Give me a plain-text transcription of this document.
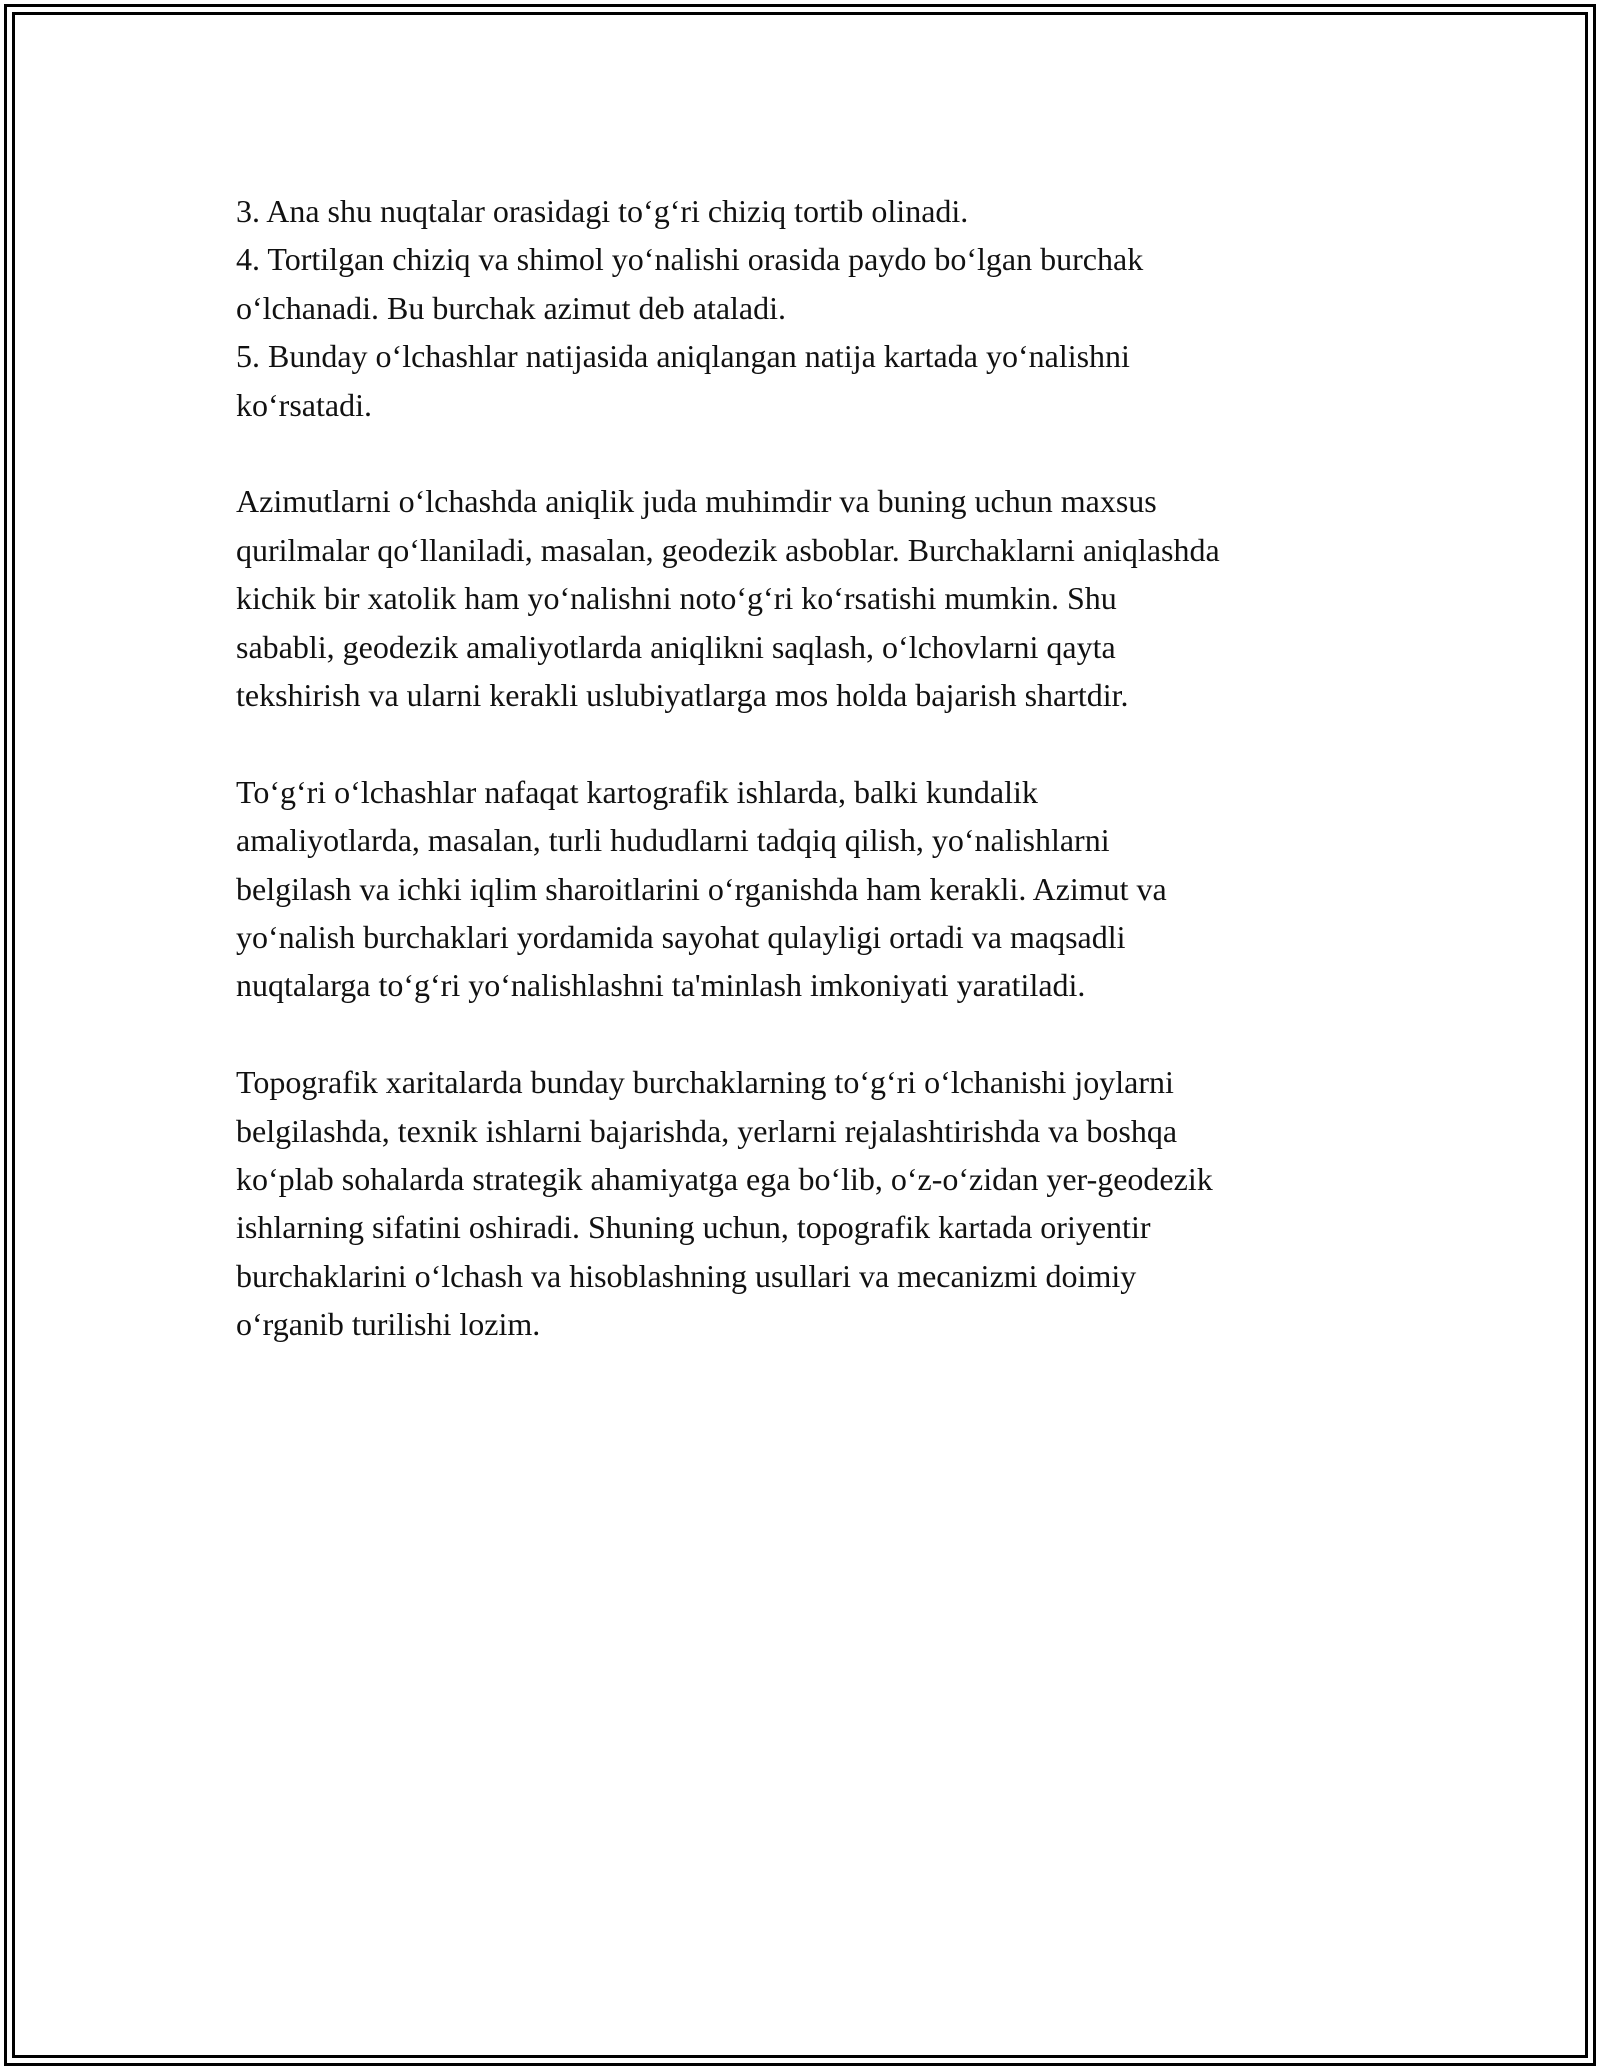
3. Ana shu nuqtalar orasidagi to‘g‘ri chiziq tortib olinadi.
4. Tortilgan chiziq va shimol yo‘nalishi orasida paydo bo‘lgan burchak
o‘lchanadi. Bu burchak azimut deb ataladi.
5. Bunday o‘lchashlar natijasida aniqlangan natija kartada yo‘nalishni
ko‘rsatadi.
Azimutlarni o‘lchashda aniqlik juda muhimdir va buning uchun maxsus
qurilmalar qo‘llaniladi, masalan, geodezik asboblar. Burchaklarni aniqlashda
kichik bir xatolik ham yo‘nalishni noto‘g‘ri ko‘rsatishi mumkin. Shu
sababli, geodezik amaliyotlarda aniqlikni saqlash, o‘lchovlarni qayta
tekshirish va ularni kerakli uslubiyatlarga mos holda bajarish shartdir.
To‘g‘ri o‘lchashlar nafaqat kartografik ishlarda, balki kundalik
amaliyotlarda, masalan, turli hududlarni tadqiq qilish, yo‘nalishlarni
belgilash va ichki iqlim sharoitlarini o‘rganishda ham kerakli. Azimut va
yo‘nalish burchaklari yordamida sayohat qulayligi ortadi va maqsadli
nuqtalarga to‘g‘ri yo‘nalishlashni ta'minlash imkoniyati yaratiladi.
Topografik xaritalarda bunday burchaklarning to‘g‘ri o‘lchanishi joylarni
belgilashda, texnik ishlarni bajarishda, yerlarni rejalashtirishda va boshqa
ko‘plab sohalarda strategik ahamiyatga ega bo‘lib, o‘z-o‘zidan yer-geodezik
ishlarning sifatini oshiradi. Shuning uchun, topografik kartada oriyentir
burchaklarini o‘lchash va hisoblashning usullari va mecanizmi doimiy
o‘rganib turilishi lozim.
